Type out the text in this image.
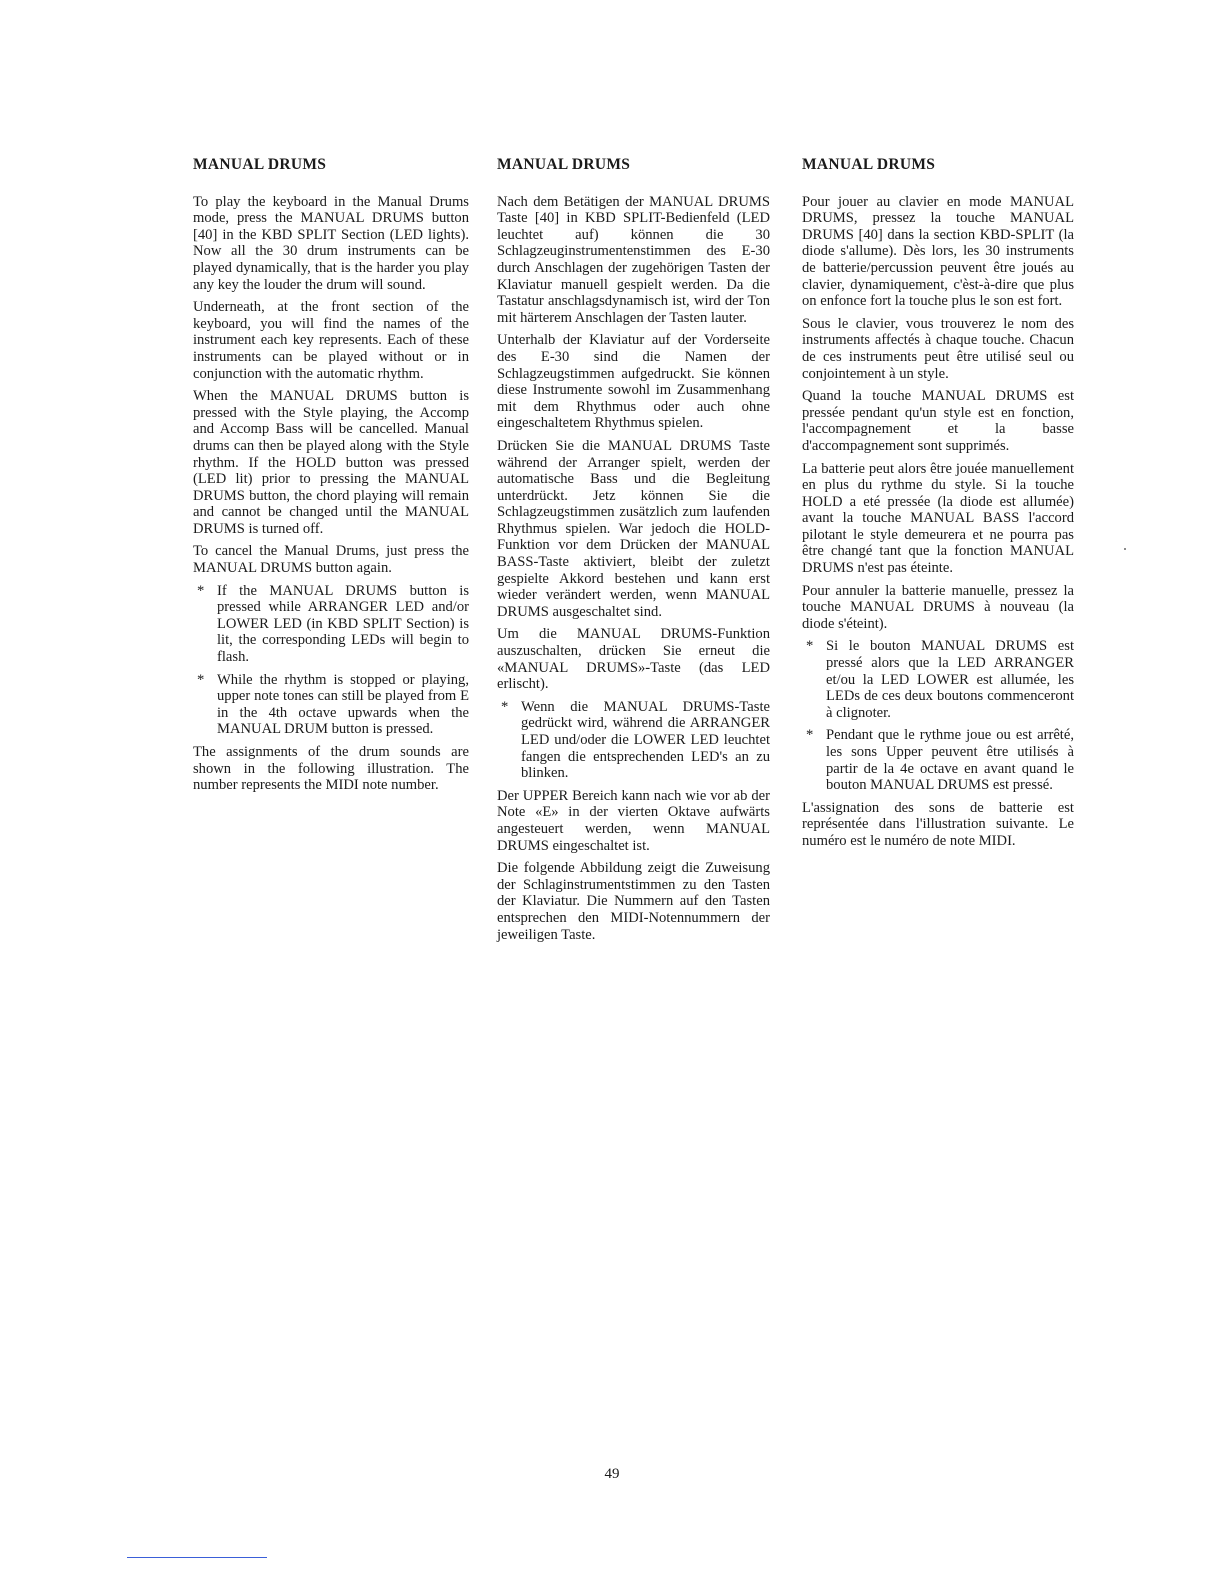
MANUAL DRUMS

To play the keyboard in the Manual Drums mode, press the MANUAL DRUMS button [40] in the KBD SPLIT Section (LED lights). Now all the 30 drum instruments can be played dynamically, that is the harder you play any key the louder the drum will sound.

Underneath, at the front section of the keyboard, you will find the names of the instrument each key represents. Each of these instruments can be played without or in conjunction with the automatic rhythm.

When the MANUAL DRUMS button is pressed with the Style playing, the Accomp and Accomp Bass will be cancelled. Manual drums can then be played along with the Style rhythm. If the HOLD button was pressed (LED lit) prior to pressing the MANUAL DRUMS button, the chord playing will remain and cannot be changed until the MANUAL DRUMS is turned off.

To cancel the Manual Drums, just press the MANUAL DRUMS button again.

* If the MANUAL DRUMS button is pressed while ARRANGER LED and/or LOWER LED (in KBD SPLIT Section) is lit, the corresponding LEDs will begin to flash.
* While the rhythm is stopped or playing, upper note tones can still be played from E in the 4th octave upwards when the MANUAL DRUM button is pressed.

The assignments of the drum sounds are shown in the following illustration. The number represents the MIDI note number.

MANUAL DRUMS

Nach dem Betätigen der MANUAL DRUMS Taste [40] in KBD SPLIT-Bedienfeld (LED leuchtet auf) können die 30 Schlagzeuginstrumentenstimmen des E-30 durch Anschlagen der zugehörigen Tasten der Klaviatur manuell gespielt werden. Da die Tastatur anschlagsdynamisch ist, wird der Ton mit härterem Anschlagen der Tasten lauter.

Unterhalb der Klaviatur auf der Vorderseite des E-30 sind die Namen der Schlagzeugstimmen aufgedruckt. Sie können diese Instrumente sowohl im Zusammenhang mit dem Rhythmus oder auch ohne eingeschaltetem Rhythmus spielen.

Drücken Sie die MANUAL DRUMS Taste während der Arranger spielt, werden der automatische Bass und die Begleitung unterdrückt. Jetz können Sie die Schlagzeugstimmen zusätzlich zum laufenden Rhythmus spielen. War jedoch die HOLD-Funktion vor dem Drücken der MANUAL BASS-Taste aktiviert, bleibt der zuletzt gespielte Akkord bestehen und kann erst wieder verändert werden, wenn MANUAL DRUMS ausgeschaltet sind.

Um die MANUAL DRUMS-Funktion auszuschalten, drücken Sie erneut die «MANUAL DRUMS»-Taste (das LED erlischt).

* Wenn die MANUAL DRUMS-Taste gedrückt wird, während die ARRANGER LED und/oder die LOWER LED leuchtet fangen die entsprechenden LED's an zu blinken.

Der UPPER Bereich kann nach wie vor ab der Note «E» in der vierten Oktave aufwärts angesteuert werden, wenn MANUAL DRUMS eingeschaltet ist.

Die folgende Abbildung zeigt die Zuweisung der Schlaginstrumentstimmen zu den Tasten der Klaviatur. Die Nummern auf den Tasten entsprechen den MIDI-Notennummern der jeweiligen Taste.

MANUAL DRUMS

Pour jouer au clavier en mode MANUAL DRUMS, pressez la touche MANUAL DRUMS [40] dans la section KBD-SPLIT (la diode s'allume). Dès lors, les 30 instruments de batterie/percussion peuvent être joués au clavier, dynamiquement, c'èst-à-dire que plus on enfonce fort la touche plus le son est fort.

Sous le clavier, vous trouverez le nom des instruments affectés à chaque touche. Chacun de ces instruments peut être utilisé seul ou conjointement à un style.

Quand la touche MANUAL DRUMS est pressée pendant qu'un style est en fonction, l'accompagnement et la basse d'accompagnement sont supprimés.

La batterie peut alors être jouée manuellement en plus du rythme du style. Si la touche HOLD a eté pressée (la diode est allumée) avant la touche MANUAL BASS l'accord pilotant le style demeurera et ne pourra pas être changé tant que la fonction MANUAL DRUMS n'est pas éteinte.

Pour annuler la batterie manuelle, pressez la touche MANUAL DRUMS à nouveau (la diode s'éteint).

* Si le bouton MANUAL DRUMS est pressé alors que la LED ARRANGER et/ou la LED LOWER est allumée, les LEDs de ces deux boutons commenceront à clignoter.
* Pendant que le rythme joue ou est arrêté, les sons Upper peuvent être utilisés à partir de la 4e octave en avant quand le bouton MANUAL DRUMS est pressé.

L'assignation des sons de batterie est représentée dans l'illustration suivante. Le numéro est le numéro de note MIDI.

49
